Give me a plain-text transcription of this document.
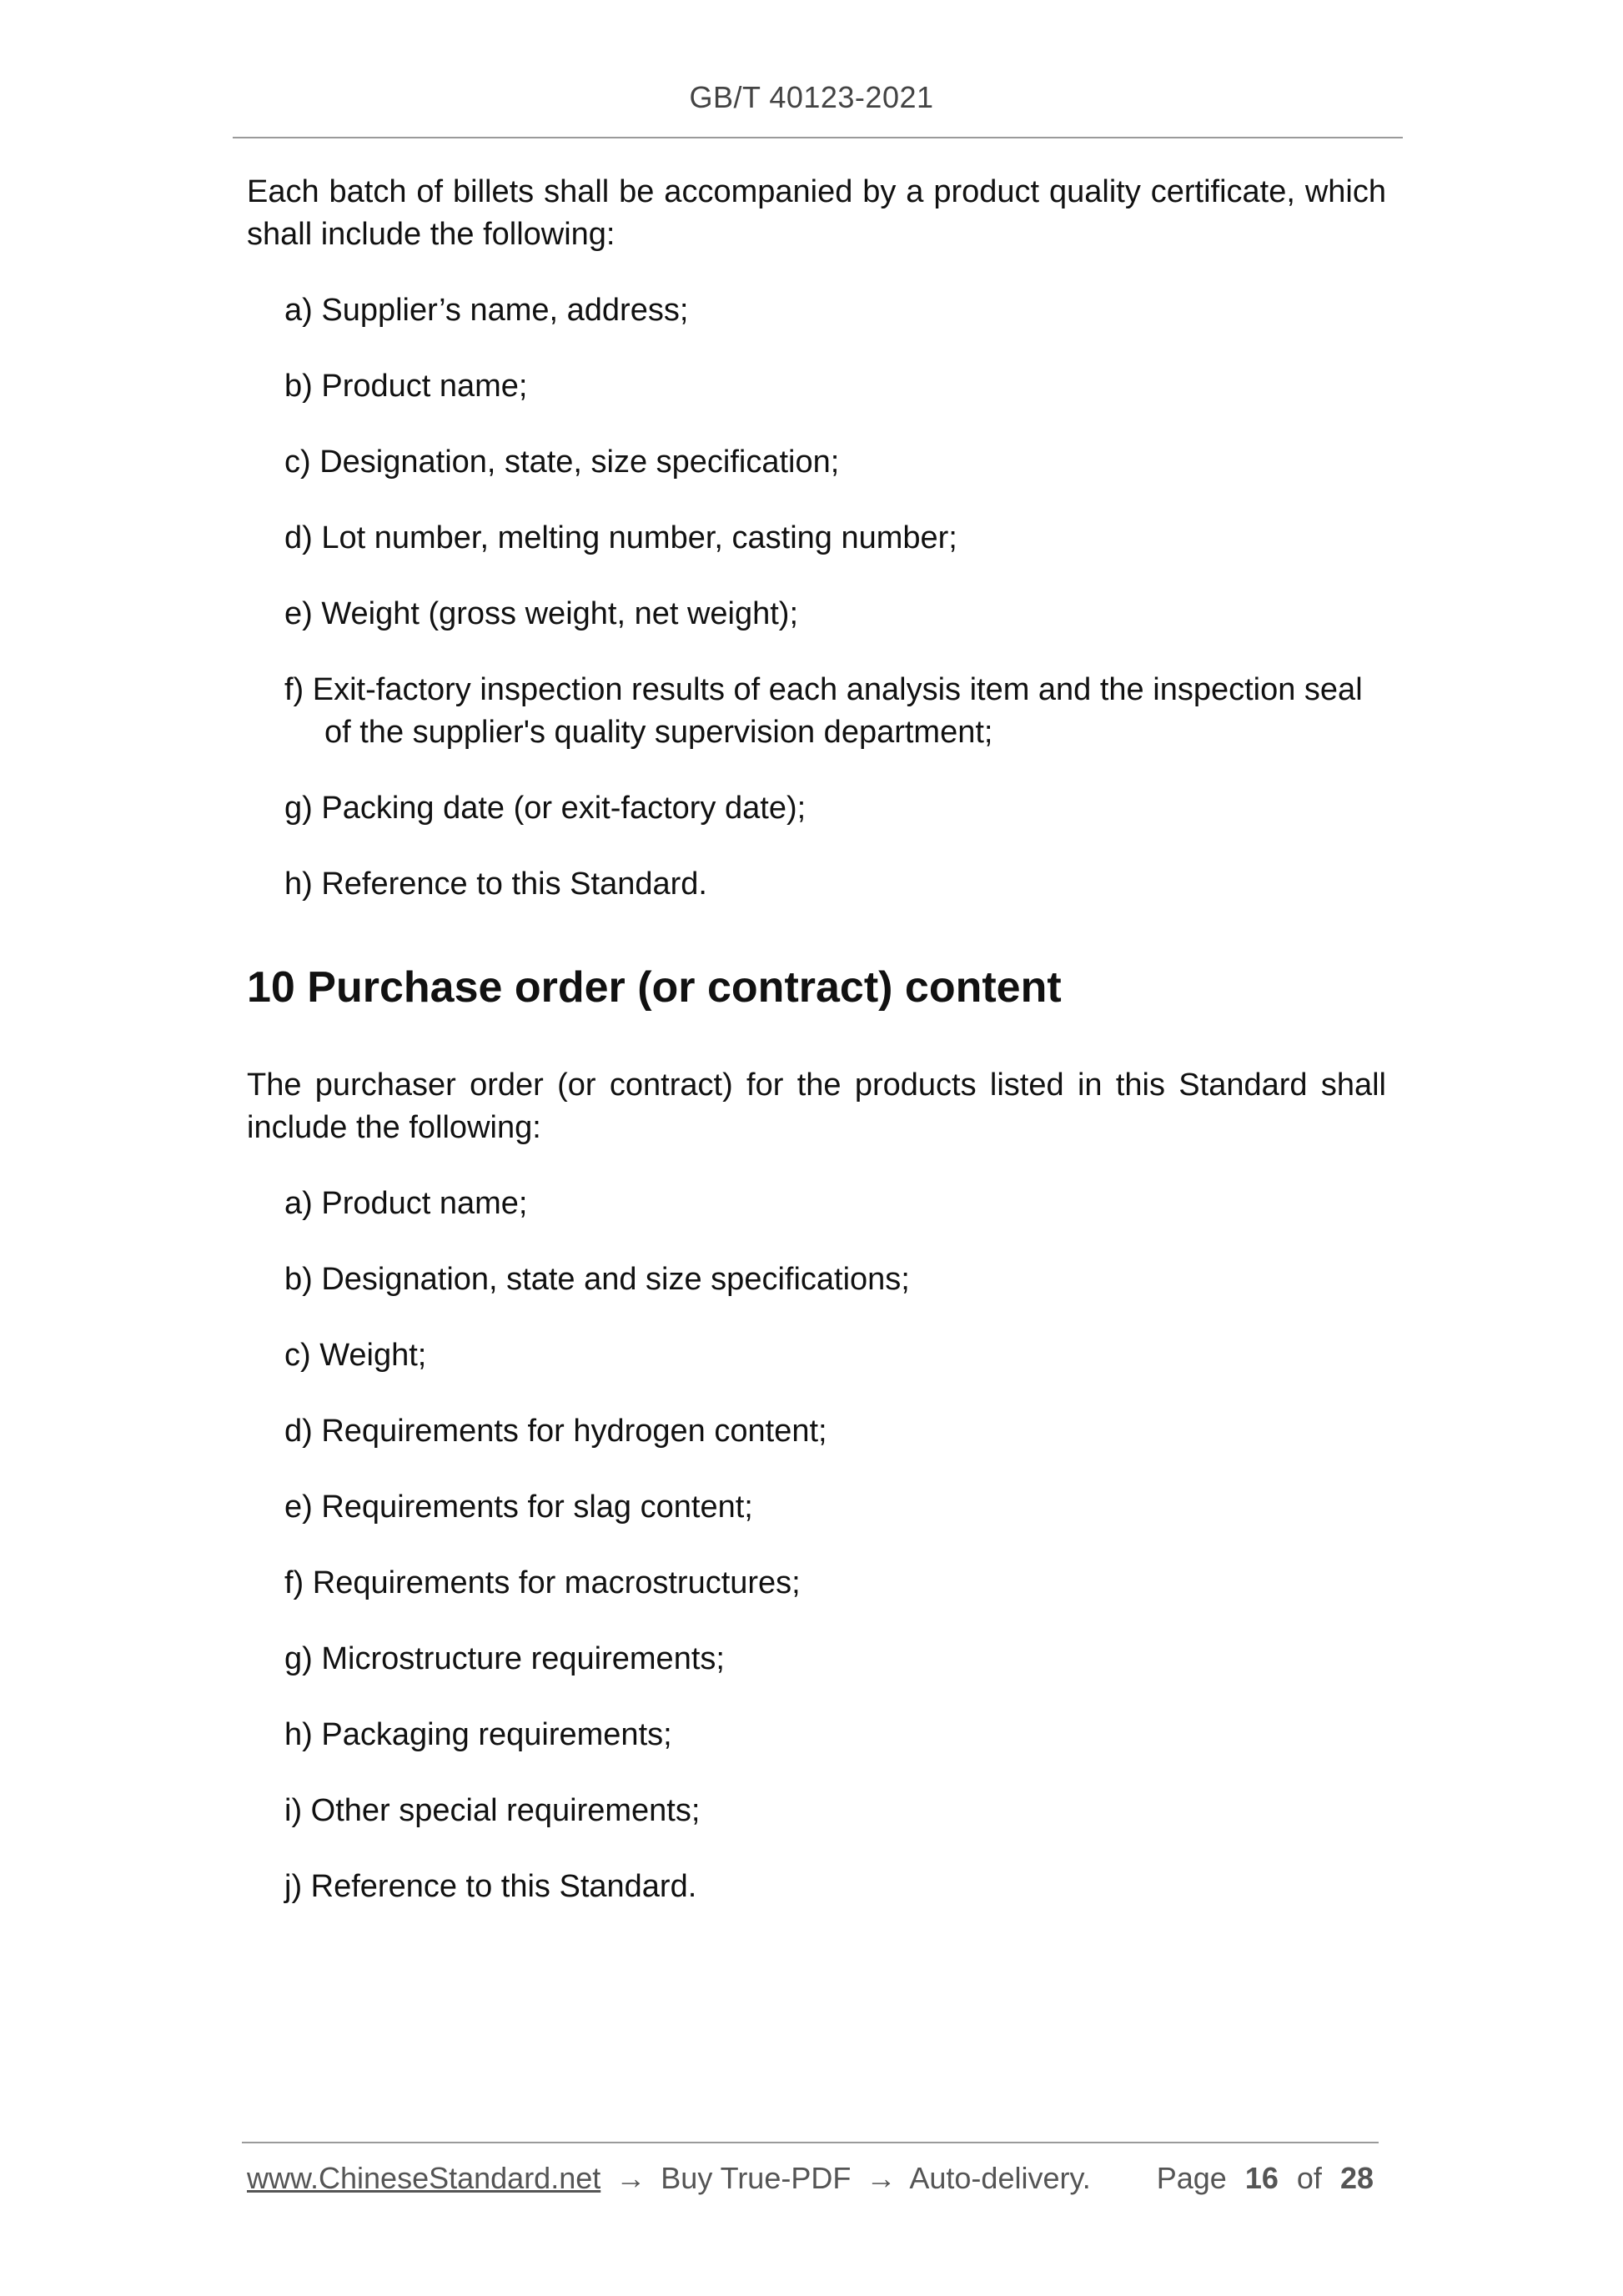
GB/T 40123-2021

Each batch of billets shall be accompanied by a product quality certificate, which shall include the following:

a) Supplier’s name, address;
b) Product name;
c) Designation, state, size specification;
d) Lot number, melting number, casting number;
e) Weight (gross weight, net weight);
f) Exit-factory inspection results of each analysis item and the inspection seal of the supplier's quality supervision department;
g) Packing date (or exit-factory date);
h) Reference to this Standard.
10 Purchase order (or contract) content

The purchaser order (or contract) for the products listed in this Standard shall include the following:

a) Product name;
b) Designation, state and size specifications;
c) Weight;
d) Requirements for hydrogen content;
e) Requirements for slag content;
f) Requirements for macrostructures;
g) Microstructure requirements;
h) Packaging requirements;
i) Other special requirements;
j) Reference to this Standard.
www.ChineseStandard.net → Buy True-PDF → Auto-delivery. Page 16 of 28
